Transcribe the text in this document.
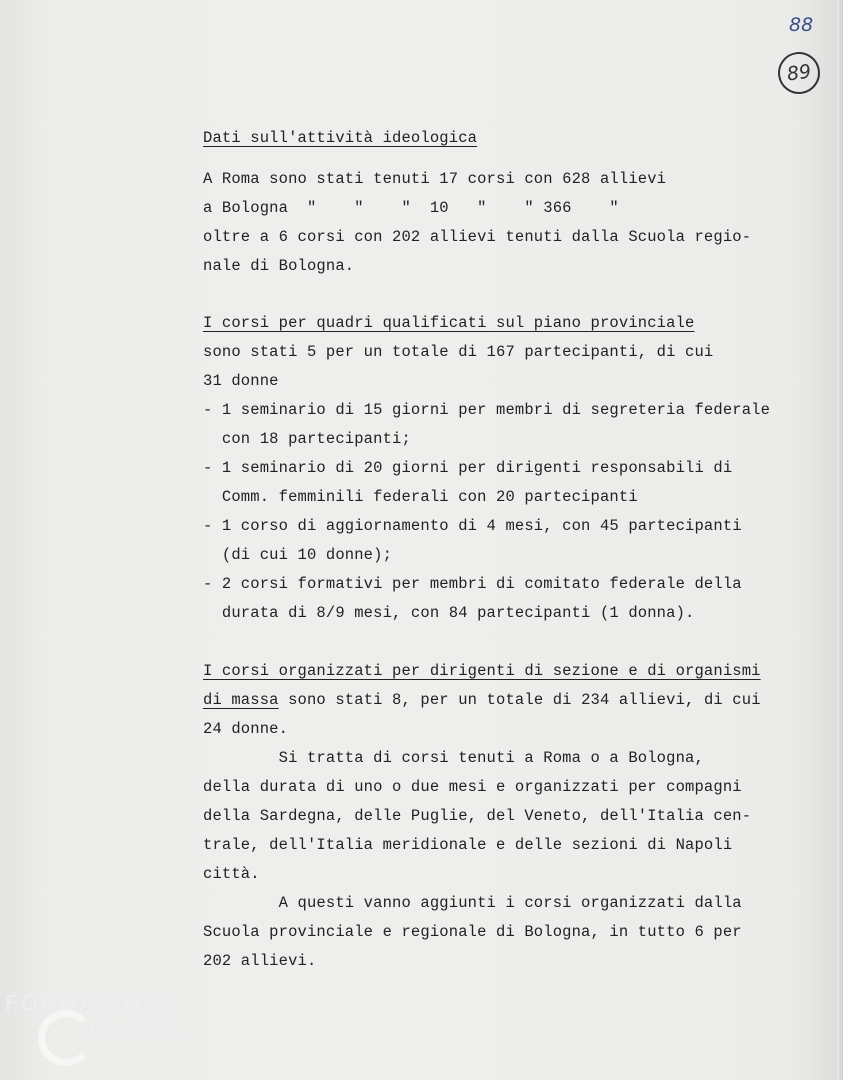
88
89
Dati sull'attività ideologica
A Roma sono stati tenuti 17 corsi con 628 allievi
a Bologna  "    "    "  10   "    " 366    "
oltre a 6 corsi con 202 allievi tenuti dalla Scuola regio-
nale di Bologna.
I corsi per quadri qualificati sul piano provinciale
sono stati 5 per un totale di 167 partecipanti, di cui
31 donne
- 1 seminario di 15 giorni per membri di segreteria federale
con 18 partecipanti;
- 1 seminario di 20 giorni per dirigenti responsabili di
Comm. femminili federali con 20 partecipanti
- 1 corso di aggiornamento di 4 mesi, con 45 partecipanti
(di cui 10 donne);
- 2 corsi formativi per membri di comitato federale della
durata di 8/9 mesi, con 84 partecipanti (1 donna).
I corsi organizzati per dirigenti di sezione e di organismi
di massa sono stati 8, per un totale di 234 allievi, di cui
24 donne.
Si tratta di corsi tenuti a Roma o a Bologna,
della durata di uno o due mesi e organizzati per compagni
della Sardegna, delle Puglie, del Veneto, dell'Italia cen-
trale, dell'Italia meridionale e delle sezioni di Napoli
città.
A questi vanno aggiunti i corsi organizzati dalla
Scuola provinciale e regionale di Bologna, in tutto 6 per
202 allievi.
FONDAZIONE
RAMSCI
